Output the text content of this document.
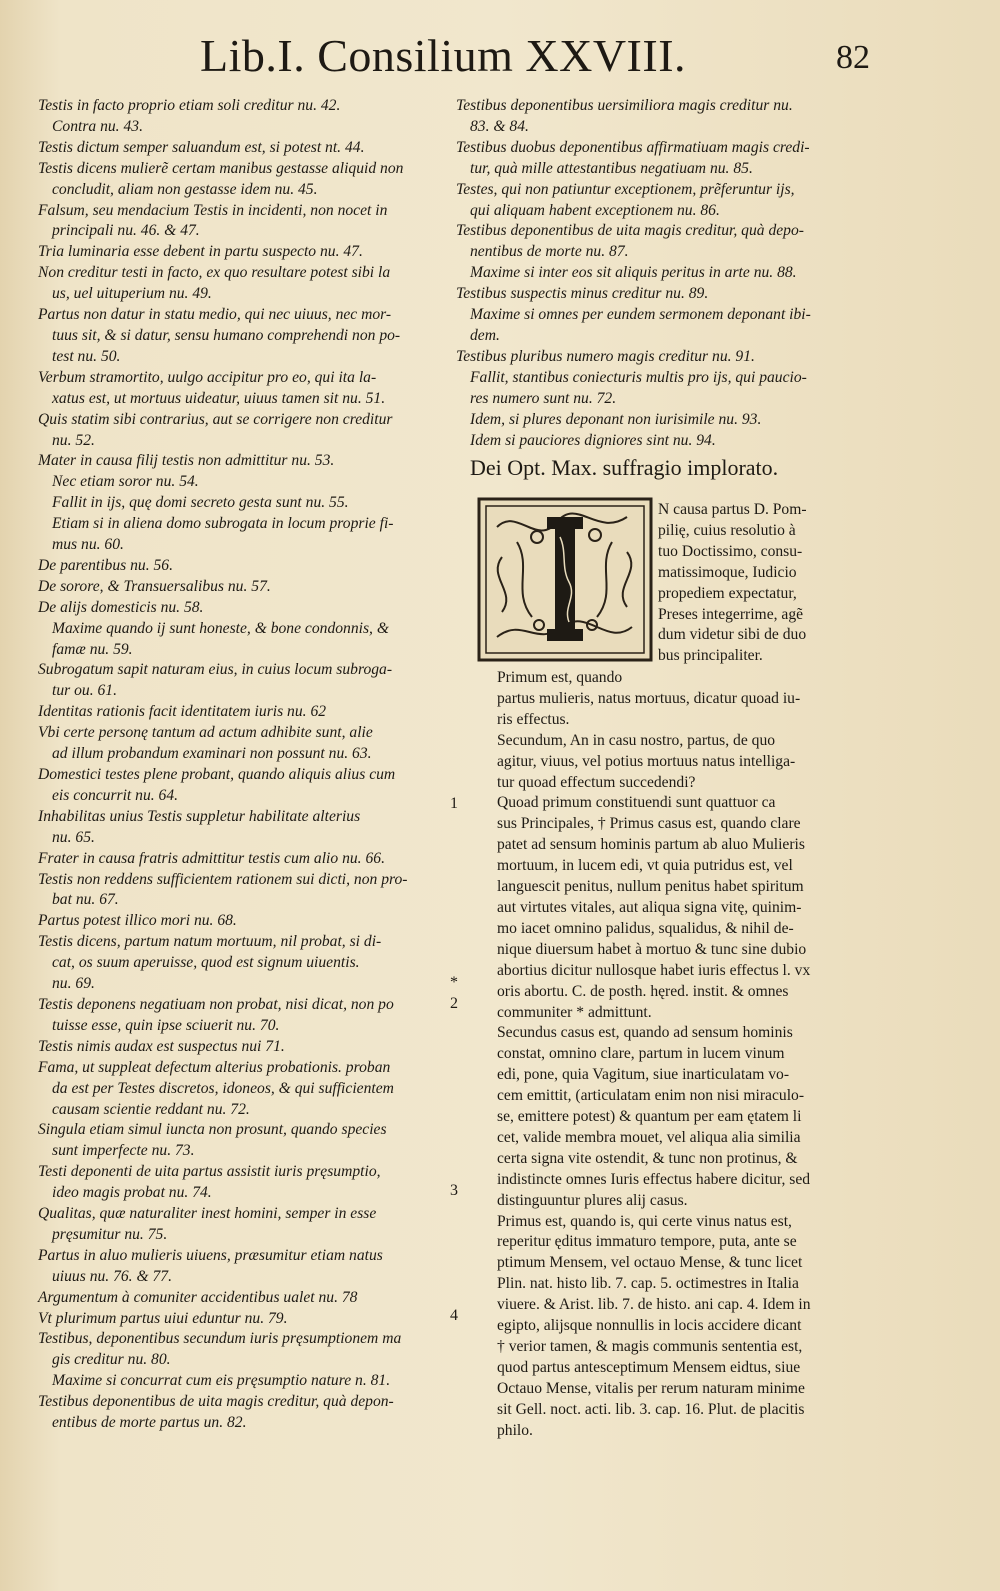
Lib.I. Consilium XXVIII.	82
Testis in facto proprio etiam soli creditur nu. 42.
Contra nu. 43.
Testis dictum semper saluandum est, si potest nt. 44.
Testis dicens mulierẽ certam manibus gestasse aliquid non
concludit, aliam non gestasse idem nu. 45.
Falsum, seu mendacium Testis in incidenti, non nocet in
principali nu. 46. & 47.
Tria luminaria esse debent in partu suspecto nu. 47.
Non creditur testi in facto, ex quo resultare potest sibi la
us, uel uituperium nu. 49.
Partus non datur in statu medio, qui nec uiuus, nec mor-
tuus sit, & si datur, sensu humano comprehendi non po-
test nu. 50.
Verbum stramortito, uulgo accipitur pro eo, qui ita la-
xatus est, ut mortuus uideatur, uiuus tamen sit nu. 51.
Quis statim sibi contrarius, aut se corrigere non creditur
nu. 52.
Mater in causa filij testis non admittitur nu. 53.
Nec etiam soror nu. 54.
Fallit in ijs, quę domi secreto gesta sunt nu. 55.
Etiam si in aliena domo subrogata in locum proprie fi-
mus nu. 60.
De parentibus nu. 56.
De sorore, & Transuersalibus nu. 57.
De alijs domesticis nu. 58.
Maxime quando ij sunt honeste, & bone condonnis, &
famæ nu. 59.
Subrogatum sapit naturam eius, in cuius locum subroga-
tur ou. 61.
Identitas rationis facit identitatem iuris nu. 62
Vbi certe personę tantum ad actum adhibite sunt, alie
ad illum probandum examinari non possunt nu. 63.
Domestici testes plene probant, quando aliquis alius cum
eis concurrit nu. 64.
Inhabilitas unius Testis suppletur habilitate alterius
nu. 65.
Frater in causa fratris admittitur testis cum alio nu. 66.
Testis non reddens sufficientem rationem sui dicti, non pro-
bat nu. 67.
Partus potest illico mori nu. 68.
Testis dicens, partum natum mortuum, nil probat, si di-
cat, os suum aperuisse, quod est signum uiuentis.
nu. 69.
Testis deponens negatiuam non probat, nisi dicat, non po
tuisse esse, quin ipse sciuerit nu. 70.
Testis nimis audax est suspectus nui 71.
Fama, ut suppleat defectum alterius probationis. proban
da est per Testes discretos, idoneos, & qui sufficientem
causam scientie reddant nu. 72.
Singula etiam simul iuncta non prosunt, quando species
sunt imperfecte nu. 73.
Testi deponenti de uita partus assistit iuris pręsumptio,
ideo magis probat nu. 74.
Qualitas, quæ naturaliter inest homini, semper in esse
pręsumitur nu. 75.
Partus in aluo mulieris uiuens, præsumitur etiam natus
uiuus nu. 76. & 77.
Argumentum à comuniter accidentibus ualet nu. 78
Vt plurimum partus uiui eduntur nu. 79.
Testibus, deponentibus secundum iuris pręsumptionem ma
gis creditur nu. 80.
Maxime si concurrat cum eis pręsumptio nature n. 81.
Testibus deponentibus de uita magis creditur, quà depon-
entibus de morte partus un. 82.
Testibus deponentibus uersimiliora magis creditur nu.
83. & 84.
Testibus duobus deponentibus affirmatiuam magis credi-
tur, quà mille attestantibus negatiuam nu. 85.
Testes, qui non patiuntur exceptionem, prẽferuntur ijs,
qui aliquam habent exceptionem nu. 86.
Testibus deponentibus de uita magis creditur, quà depo-
nentibus de morte nu. 87.
Maxime si inter eos sit aliquis peritus in arte nu. 88.
Testibus suspectis minus creditur nu. 89.
Maxime si omnes per eundem sermonem deponant ibi-
dem.
Testibus pluribus numero magis creditur nu. 91.
Fallit, stantibus coniecturis multis pro ijs, qui paucio-
res numero sunt nu. 72.
Idem, si plures deponant non iurisimile nu. 93.
Idem si pauciores digniores sint nu. 94.
Dei Opt. Max. suffragio implorato.
N causa partus D. Pom-
pilię, cuius resolutio à
tuo Doctissimo, consu-
matissimoque, Iudicio
propediem expectatur,
Preses integerrime, agẽ
dum videtur sibi de duo
bus principaliter.
Primum est, quando
partus mulieris, natus mortuus, dicatur quoad iu-
ris effectus.
Secundum, An in casu nostro, partus, de quo
agitur, viuus, vel potius mortuus natus intelliga-
tur quoad effectum succedendi?
Quoad primum constituendi sunt quattuor ca
sus Principales, † Primus casus est, quando clare
patet ad sensum hominis partum ab aluo Mulieris
mortuum, in lucem edi, vt quia putridus est, vel
languescit penitus, nullum penitus habet spiritum
aut virtutes vitales, aut aliqua signa vitę, quinim-
mo iacet omnino palidus, squalidus, & nihil de-
nique diuersum habet à mortuo & tunc sine dubio
abortius dicitur nullosque habet iuris effectus l. vx
oris abortu. C. de posth. hęred. instit. & omnes
communiter * admittunt.
Secundus casus est, quando ad sensum hominis
constat, omnino clare, partum in lucem vinum
edi, pone, quia Vagitum, siue inarticulatam vo-
cem emittit, (articulatam enim non nisi miraculo-
se, emittere potest) & quantum per eam ętatem li
cet, valide membra mouet, vel aliqua alia similia
certa signa vite ostendit, & tunc non protinus, &
indistincte omnes Iuris effectus habere dicitur, sed
distinguuntur plures alij casus.
Primus est, quando is, qui certe vinus natus est,
reperitur ęditus immaturo tempore, puta, ante se
ptimum Mensem, vel octauo Mense, & tunc licet
Plin. nat. histo lib. 7. cap. 5. octimestres in Italia
viuere. & Arist. lib. 7. de histo. ani cap. 4. Idem in
egipto, alijsque nonnullis in locis accidere dicant
† verior tamen, & magis communis sententia est,
quod partus antesceptimum Mensem eidtus, siue
Octauo Mense, vitalis per rerum naturam minime
sit Gell. noct. acti. lib. 3. cap. 16. Plut. de placitis
philo.
1
*
2
3
4
